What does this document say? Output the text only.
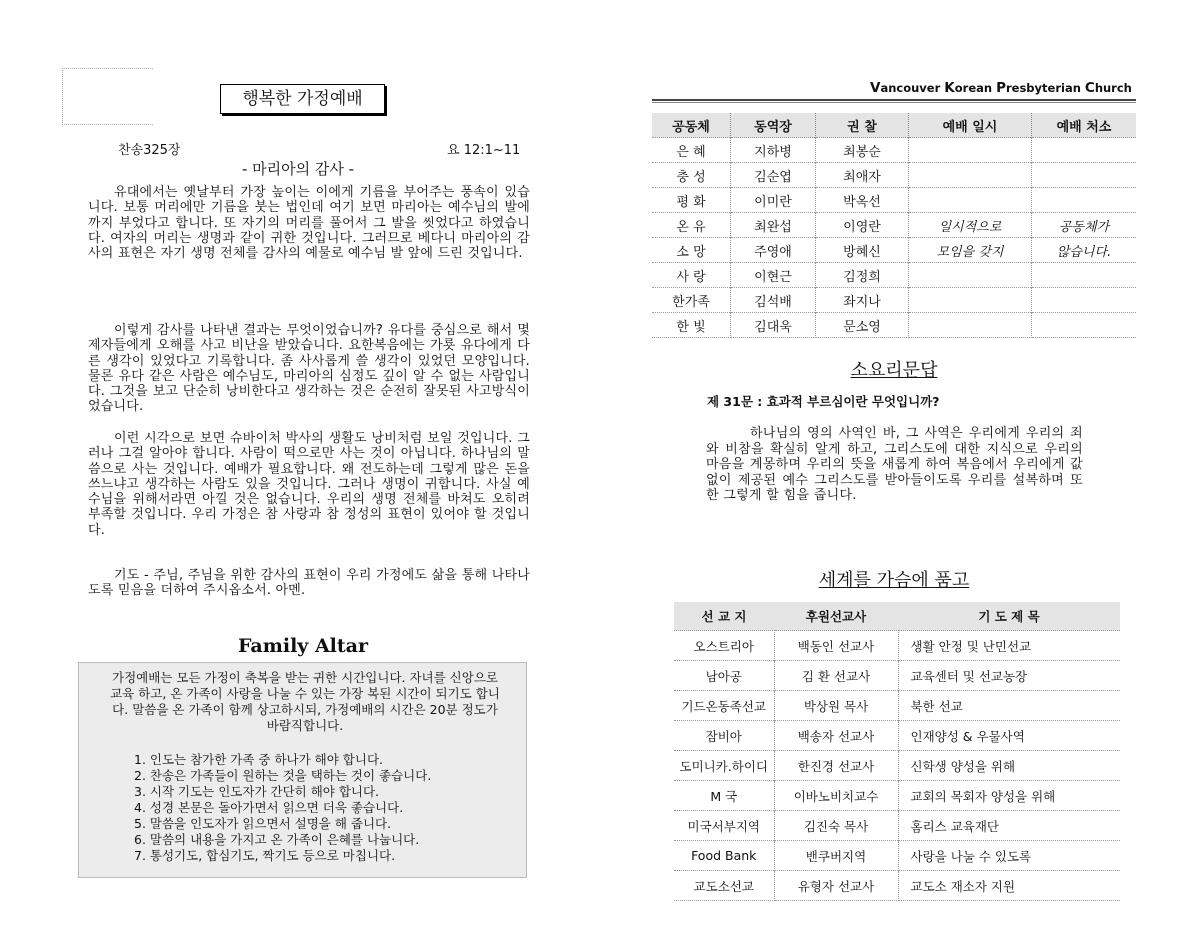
행복한 가정예배
찬송325장	요 12:1~11
- 마리아의 감사 -

유대에서는 옛날부터 가장 높이는 이에게 기름을 부어주는 풍속이 있습니다. 보통 머리에만 기름을 붓는 법인데 여기 보면 마리아는 예수님의 발에까지 부었다고 합니다. 또 자기의 머리를 풀어서 그 발을 씻었다고 하였습니다. 여자의 머리는 생명과 같이 귀한 것입니다. 그러므로 베다니 마리아의 감사의 표현은 자기 생명 전체를 감사의 예물로 예수님 발 앞에 드린 것입니다.

이렇게 감사를 나타낸 결과는 무엇이었습니까? 유다를 중심으로 해서 몇 제자들에게 오해를 사고 비난을 받았습니다. 요한복음에는 가룟 유다에게 다른 생각이 있었다고 기록합니다. 좀 사사롭게 쓸 생각이 있었던 모양입니다. 물론 유다 같은 사람은 예수님도, 마리아의 심정도 깊이 알 수 없는 사람입니다. 그것을 보고 단순히 낭비한다고 생각하는 것은 순전히 잘못된 사고방식이었습니다.

이런 시각으로 보면 슈바이처 박사의 생활도 낭비처럼 보일 것입니다. 그러나 그걸 알아야 합니다. 사람이 떡으로만 사는 것이 아닙니다. 하나님의 말씀으로 사는 것입니다. 예배가 필요합니다. 왜 전도하는데 그렇게 많은 돈을 쓰느냐고 생각하는 사람도 있을 것입니다. 그러나 생명이 귀합니다. 사실 예수님을 위해서라면 아낄 것은 없습니다. 우리의 생명 전체를 바쳐도 오히려 부족할 것입니다. 우리 가정은 참 사랑과 참 정성의 표현이 있어야 할 것입니다.

기도 - 주님, 주님을 위한 감사의 표현이 우리 가정에도 삶을 통해 나타나도록 믿음을 더하여 주시옵소서. 아멘.

Family Altar
가정예배는 모든 가정이 축복을 받는 귀한 시간입니다. 자녀를 신앙으로 교육 하고, 온 가족이 사랑을 나눌 수 있는 가장 복된 시간이 되기도 합니다. 말씀을 온 가족이 함께 상고하시되, 가정예배의 시간은 20분 정도가 바람직합니다.
1. 인도는 참가한 가족 중 하나가 해야 합니다.
2. 찬송은 가족들이 원하는 것을 택하는 것이 좋습니다.
3. 시작 기도는 인도자가 간단히 해야 합니다.
4. 성경 본문은 돌아가면서 읽으면 더욱 좋습니다.
5. 말씀을 인도자가 읽으면서 설명을 해 줍니다.
6. 말씀의 내용을 가지고 온 가족이 은혜를 나눕니다.
7. 통성기도, 합심기도, 짝기도 등으로 마칩니다.
Vancouver Korean Presbyterian Church
공동체	동역장	권 찰	예배 일시	예배 처소
은 혜	지하병	최봉순		
충 성	김순엽	최애자		
평 화	이미란	박옥선		
온 유	최완섭	이영란	일시적으로	공동체가
소 망	주영애	방혜신	모임을 갖지	않습니다.
사 랑	이현근	김정희		
한가족	김석배	좌지나		
한 빛	김대욱	문소영		
소요리문답
제 31문 : 효과적 부르심이란 무엇입니까?

하나님의 영의 사역인 바, 그 사역은 우리에게 우리의 죄와 비참을 확실히 알게 하고, 그리스도에 대한 지식으로 우리의 마음을 계몽하며 우리의 뜻을 새롭게 하여 복음에서 우리에게 값없이 제공된 예수 그리스도를 받아들이도록 우리를 설복하며 또한 그렇게 할 힘을 줍니다.

세계를 가슴에 품고
선 교 지	후원선교사	기 도 제 목
오스트리아	백동인 선교사	생활 안정 및 난민선교
남아공	김 환 선교사	교육센터 및 선교농장
기드온동족선교	박상원 목사	북한 선교
잠비아	백송자 선교사	인재양성 & 우물사역
도미니카.하이디	한진경 선교사	신학생 양성을 위해
M 국	이바노비치교수	교회의 목회자 양성을 위해
미국서부지역	김진숙 목사	홈리스 교육재단
Food Bank	밴쿠버지역	사랑을 나눌 수 있도록
교도소선교	유형자 선교사	교도소 재소자 지원
